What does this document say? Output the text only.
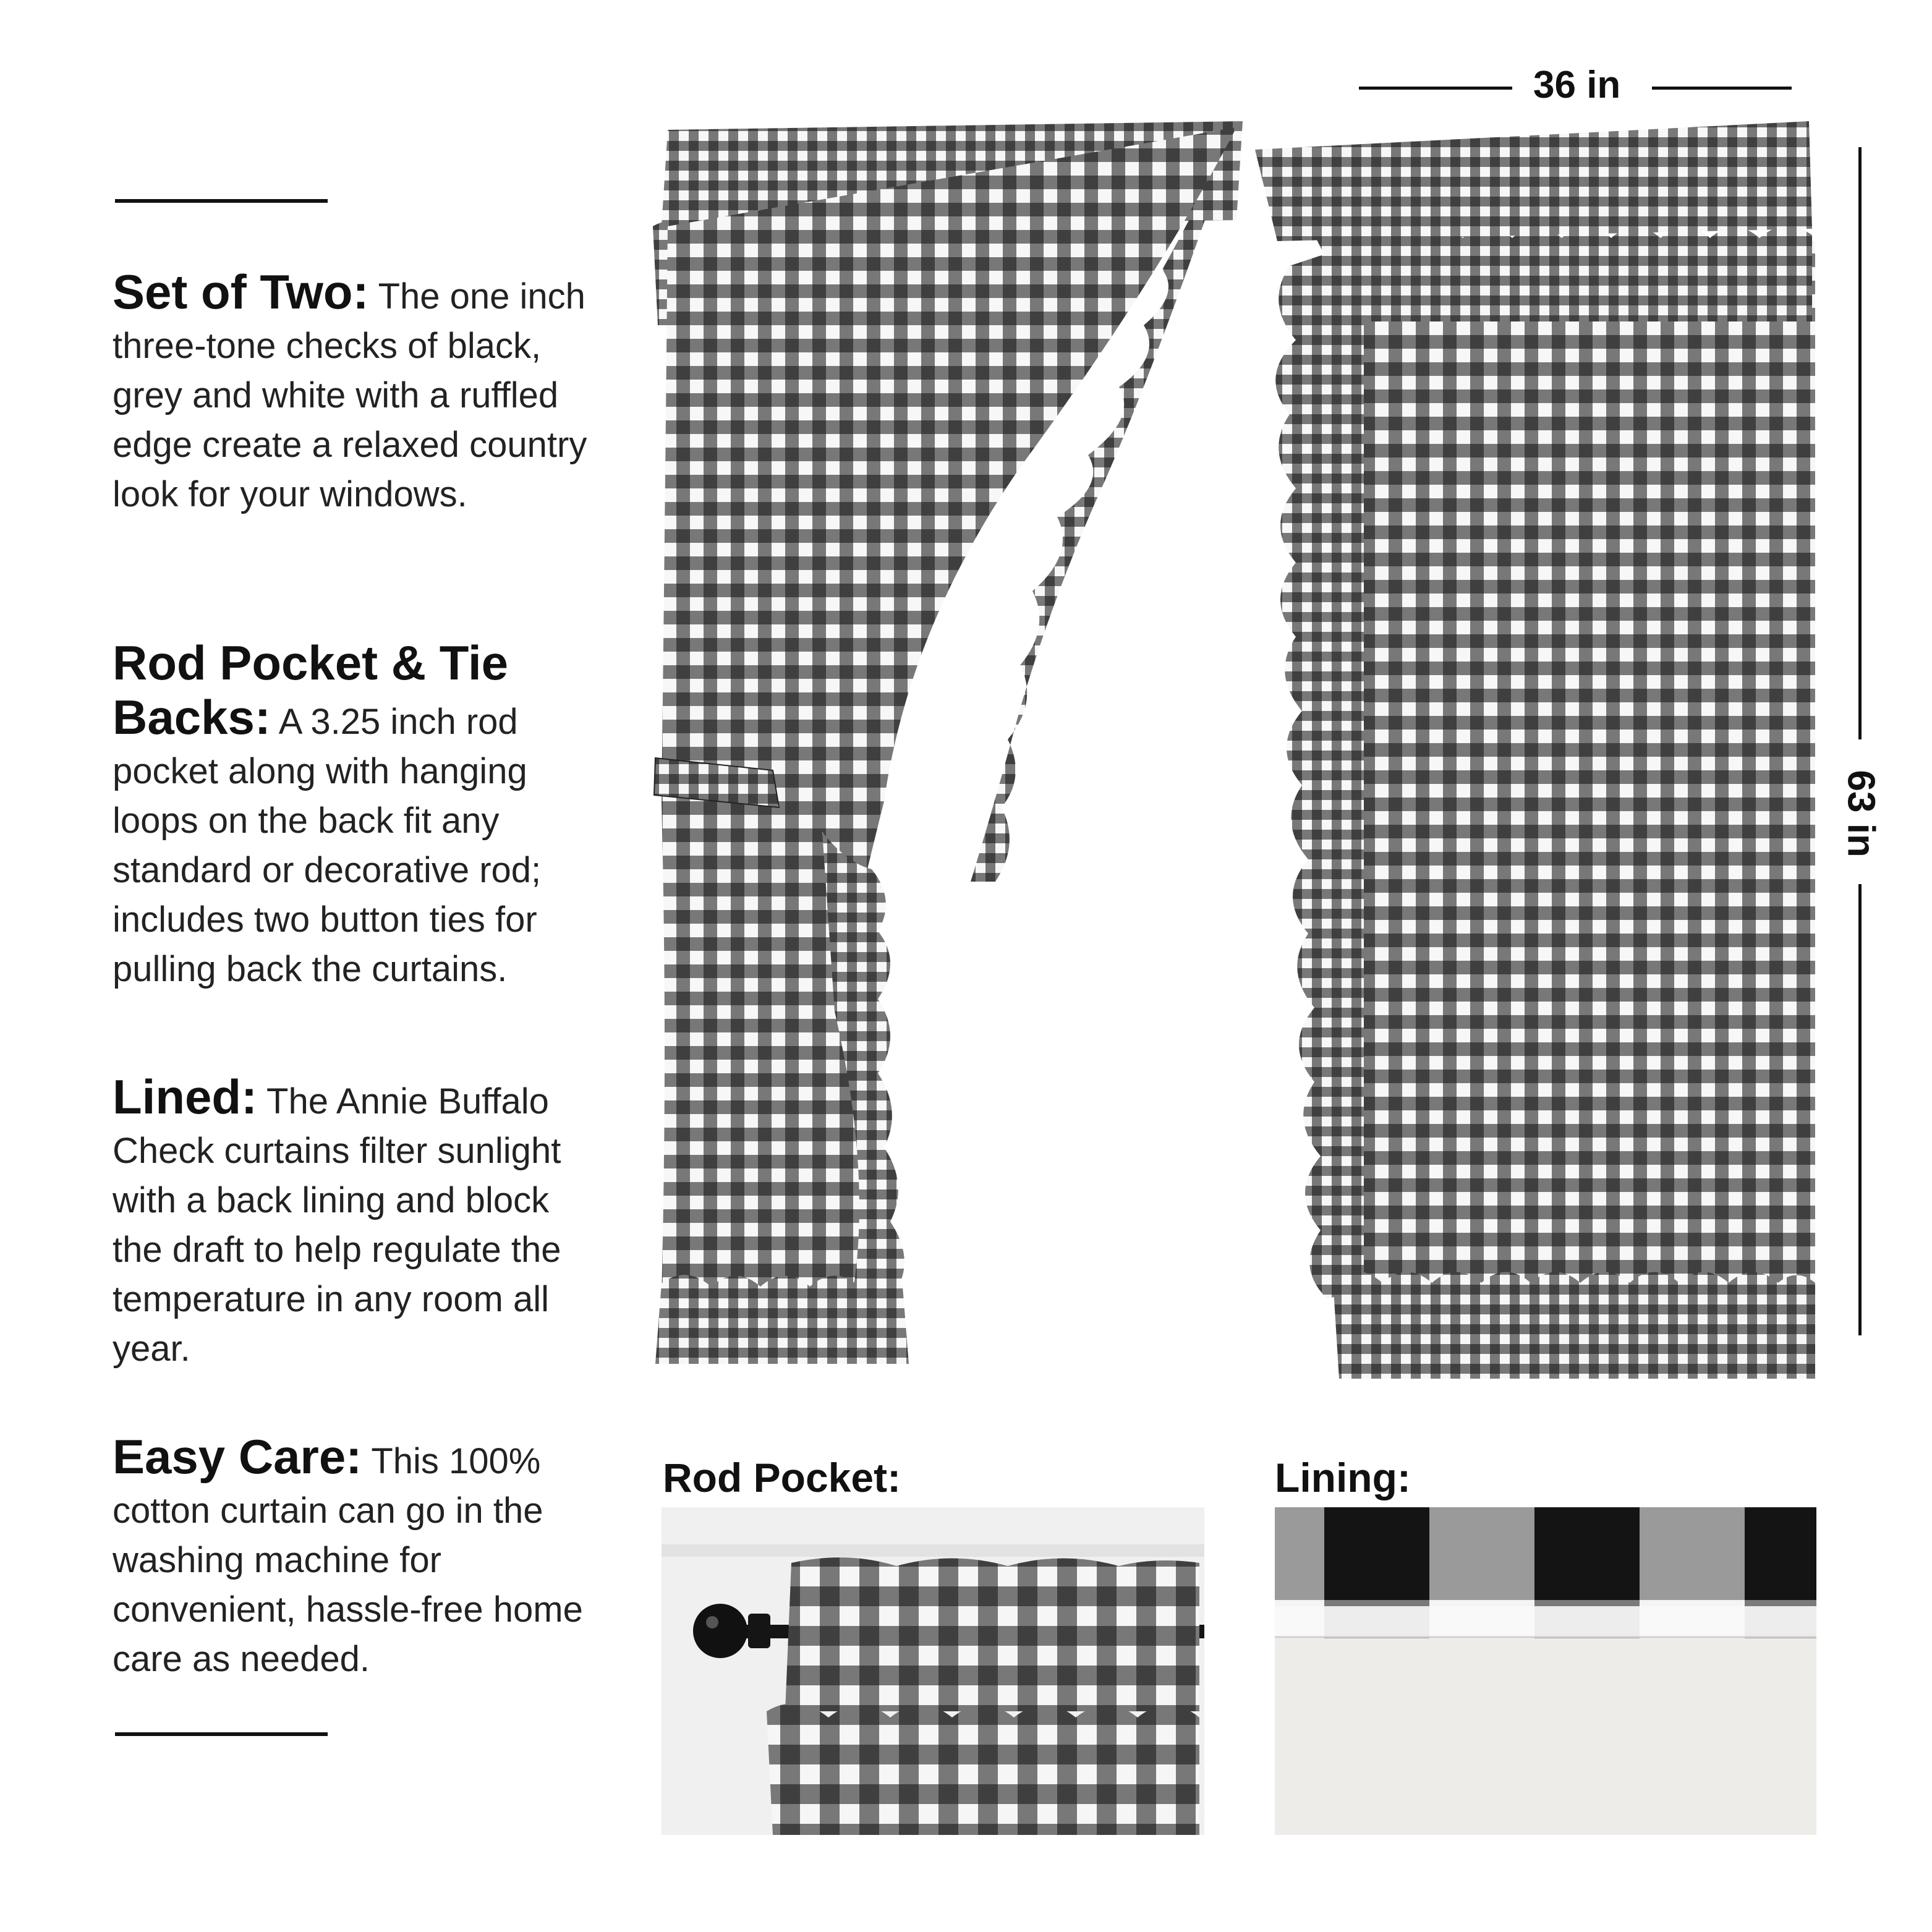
Set of Two: The one inch three-tone checks of black, grey and white with a ruffled edge create a relaxed country look for your windows.

Rod Pocket & Tie Backs: A 3.25 inch rod pocket along with hanging loops on the back fit any standard or decorative rod; includes two button ties for pulling back the curtains.

Lined: The Annie Buffalo Check curtains filter sunlight with a back lining and block the draft to help regulate the temperature in any room all year.

Easy Care: This 100% cotton curtain can go in the washing machine for convenient, hassle-free home care as needed.

36 in
63 in
Rod Pocket:	Lining:
